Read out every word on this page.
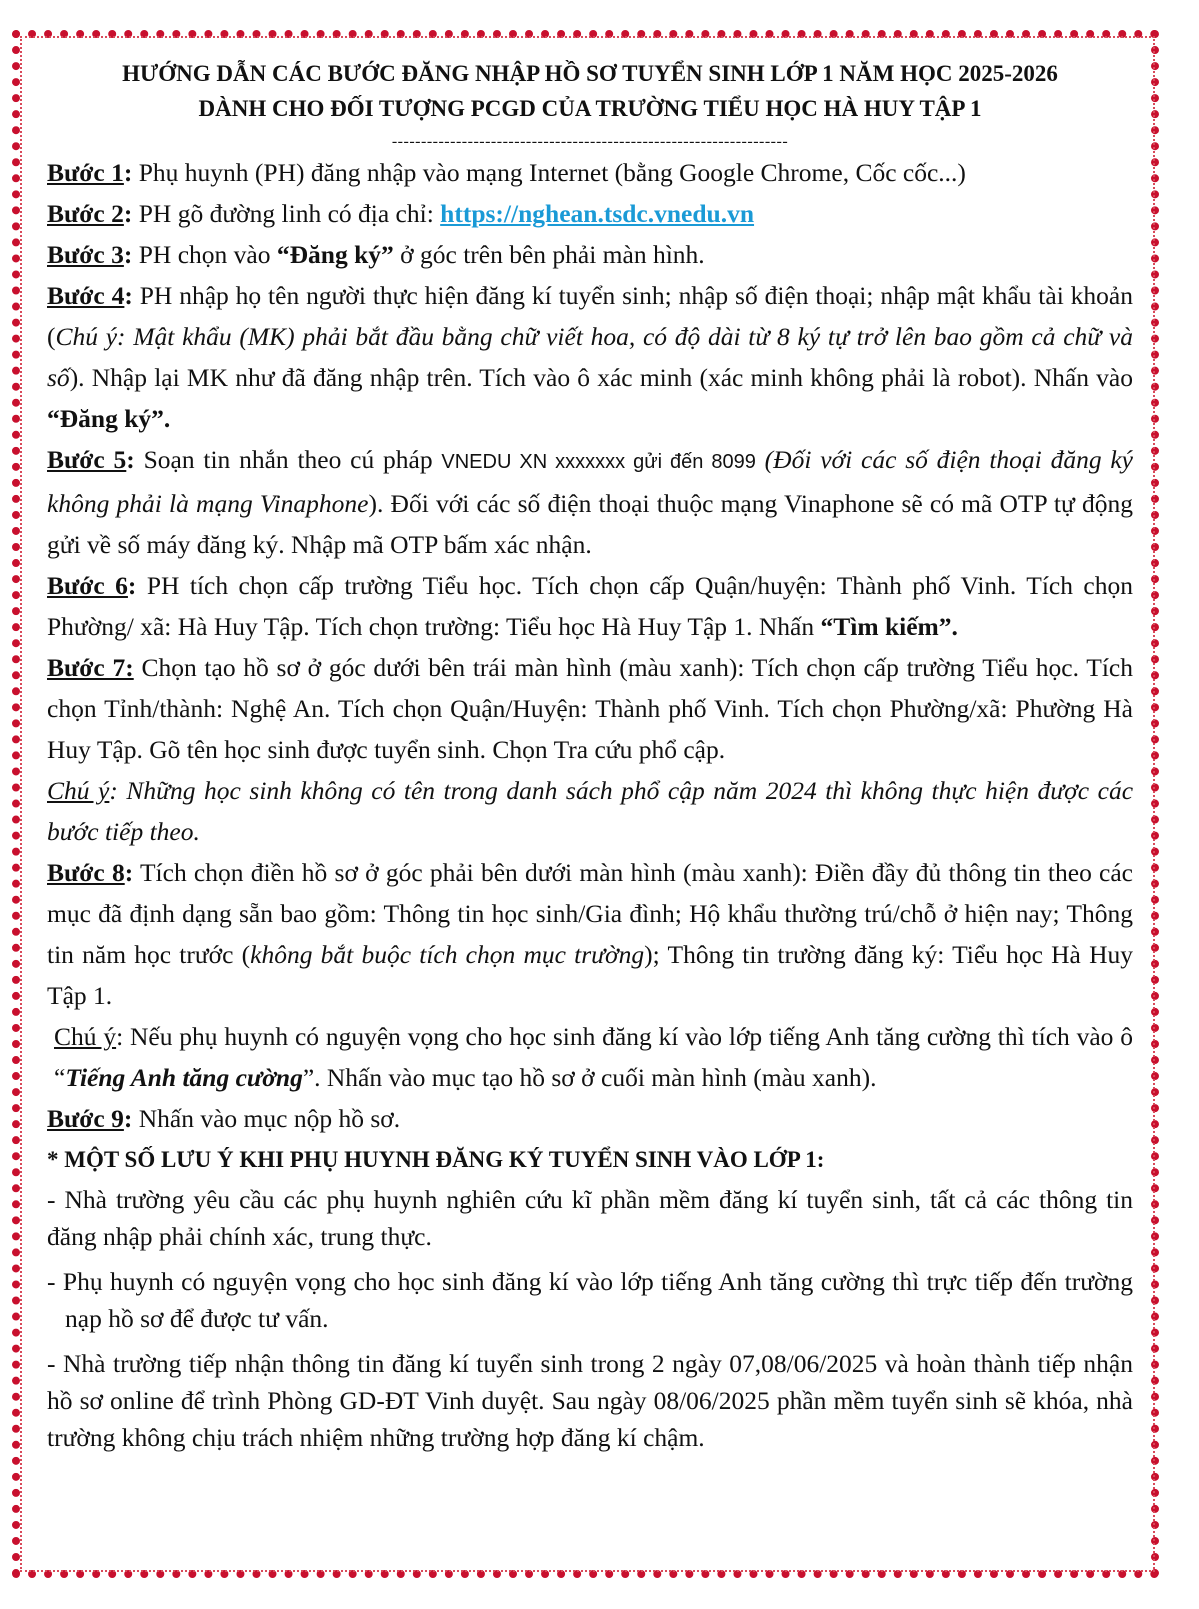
HƯỚNG DẪN CÁC BƯỚC ĐĂNG NHẬP HỒ SƠ TUYỂN SINH LỚP 1 NĂM HỌC 2025-2026

DÀNH CHO ĐỐI TƯỢNG PCGD CỦA TRƯỜNG TIỂU HỌC HÀ HUY TẬP 1

--------------------------------------------------------------------

Bước 1: Phụ huynh (PH) đăng nhập vào mạng Internet (bằng Google Chrome, Cốc cốc...)

Bước 2: PH gõ đường linh có địa chỉ: https://nghean.tsdc.vnedu.vn

Bước 3: PH chọn vào “Đăng ký” ở góc trên bên phải màn hình.

Bước 4: PH nhập họ tên người thực hiện đăng kí tuyển sinh; nhập số điện thoại; nhập mật khẩu tài khoản (Chú ý: Mật khẩu (MK) phải bắt đầu bằng chữ viết hoa, có độ dài từ 8 ký tự trở lên bao gồm cả chữ và số). Nhập lại MK như đã đăng nhập trên. Tích vào ô xác minh (xác minh không phải là robot). Nhấn vào “Đăng ký”.

Bước 5: Soạn tin nhắn theo cú pháp VNEDU XN xxxxxxx gửi đến 8099 (Đối với các số điện thoại đăng ký không phải là mạng Vinaphone). Đối với các số điện thoại thuộc mạng Vinaphone sẽ có mã OTP tự động gửi về số máy đăng ký. Nhập mã OTP bấm xác nhận.

Bước 6: PH tích chọn cấp trường Tiểu học. Tích chọn cấp Quận/huyện: Thành phố Vinh. Tích chọn Phường/ xã: Hà Huy Tập. Tích chọn trường: Tiểu học Hà Huy Tập 1. Nhấn “Tìm kiếm”.

Bước 7: Chọn tạo hồ sơ ở góc dưới bên trái màn hình (màu xanh): Tích chọn cấp trường Tiểu học. Tích chọn Tỉnh/thành: Nghệ An. Tích chọn Quận/Huyện: Thành phố Vinh. Tích chọn Phường/xã: Phường Hà Huy Tập. Gõ tên học sinh được tuyển sinh. Chọn Tra cứu phổ cập.

Chú ý: Những học sinh không có tên trong danh sách phổ cập năm 2024 thì không thực hiện được các bước tiếp theo.

Bước 8: Tích chọn điền hồ sơ ở góc phải bên dưới màn hình (màu xanh): Điền đầy đủ thông tin theo các mục đã định dạng sẵn bao gồm: Thông tin học sinh/Gia đình; Hộ khẩu thường trú/chỗ ở hiện nay; Thông tin năm học trước (không bắt buộc tích chọn mục trường); Thông tin trường đăng ký: Tiểu học Hà Huy Tập 1.

Chú ý: Nếu phụ huynh có nguyện vọng cho học sinh đăng kí vào lớp tiếng Anh tăng cường thì tích vào ô “Tiếng Anh tăng cường”. Nhấn vào mục tạo hồ sơ ở cuối màn hình (màu xanh).

Bước 9: Nhấn vào mục nộp hồ sơ.

* MỘT SỐ LƯU Ý KHI PHỤ HUYNH ĐĂNG KÝ TUYỂN SINH VÀO LỚP 1:

- Nhà trường yêu cầu các phụ huynh nghiên cứu kĩ phần mềm đăng kí tuyển sinh, tất cả các thông tin đăng nhập phải chính xác, trung thực.

- Phụ huynh có nguyện vọng cho học sinh đăng kí vào lớp tiếng Anh tăng cường thì trực tiếp đến trường nạp hồ sơ để được tư vấn.

- Nhà trường tiếp nhận thông tin đăng kí tuyển sinh trong 2 ngày 07,08/06/2025 và hoàn thành tiếp nhận hồ sơ online để trình Phòng GD-ĐT Vinh duyệt. Sau ngày 08/06/2025 phần mềm tuyển sinh sẽ khóa, nhà trường không chịu trách nhiệm những trường hợp đăng kí chậm.
